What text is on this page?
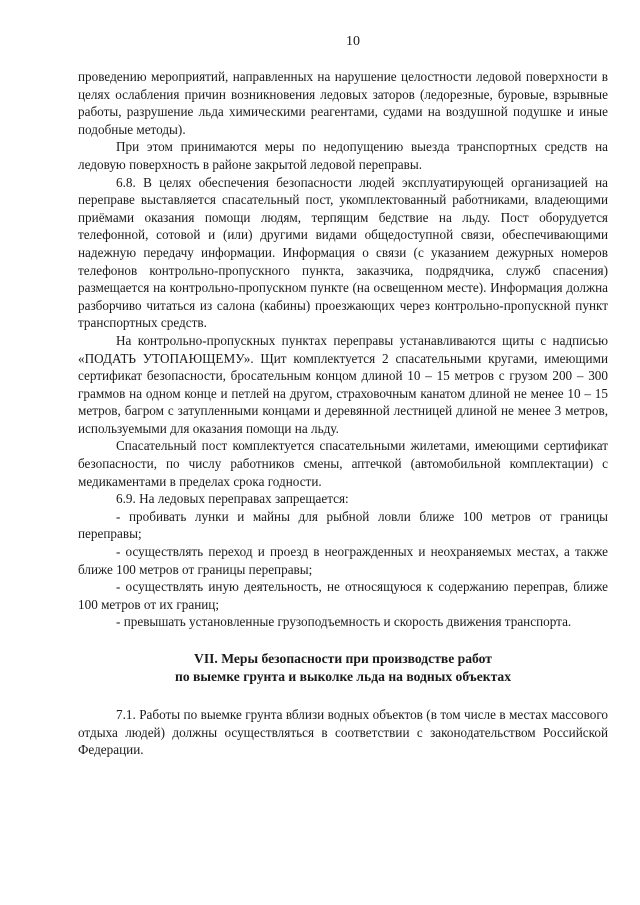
10

проведению мероприятий, направленных на нарушение целостности ледовой поверхности в целях ослабления причин возникновения ледовых заторов (ледорезные, буровые, взрывные работы, разрушение льда химическими реагентами, судами на воздушной подушке и иные подобные методы).

При этом принимаются меры по недопущению выезда транспортных средств на ледовую поверхность в районе закрытой ледовой переправы.

6.8. В целях обеспечения безопасности людей эксплуатирующей организацией на переправе выставляется спасательный пост, укомплектованный работниками, владеющими приёмами оказания помощи людям, терпящим бедствие на льду. Пост оборудуется телефонной, сотовой и (или) другими видами общедоступной связи, обеспечивающими надежную передачу информации. Информация о связи (с указанием дежурных номеров телефонов контрольно-пропускного пункта, заказчика, подрядчика, служб спасения) размещается на контрольно-пропускном пункте (на освещенном месте). Информация должна разборчиво читаться из салона (кабины) проезжающих через контрольно-пропускной пункт транспортных средств.

На контрольно-пропускных пунктах переправы устанавливаются щиты с надписью «ПОДАТЬ УТОПАЮЩЕМУ». Щит комплектуется 2 спасательными кругами, имеющими сертификат безопасности, бросательным концом длиной 10 – 15 метров с грузом 200 – 300 граммов на одном конце и петлей на другом, страховочным канатом длиной не менее 10 – 15 метров, багром с затупленными концами и деревянной лестницей длиной не менее 3 метров, используемыми для оказания помощи на льду.

Спасательный пост комплектуется спасательными жилетами, имеющими сертификат безопасности, по числу работников смены, аптечкой (автомобильной комплектации) с медикаментами в пределах срока годности.

6.9. На ледовых переправах запрещается:

- пробивать лунки и майны для рыбной ловли ближе 100 метров от границы переправы;

- осуществлять переход и проезд в неогражденных и неохраняемых местах, а также ближе 100 метров от границы переправы;

- осуществлять иную деятельность, не относящуюся к содержанию переправ, ближе 100 метров от их границ;

- превышать установленные грузоподъемность и скорость движения транспорта.

VII. Меры безопасности при производстве работ
по выемке грунта и выколке льда на водных объектах

7.1. Работы по выемке грунта вблизи водных объектов (в том числе в местах массового отдыха людей) должны осуществляться в соответствии с законодательством Российской Федерации.
